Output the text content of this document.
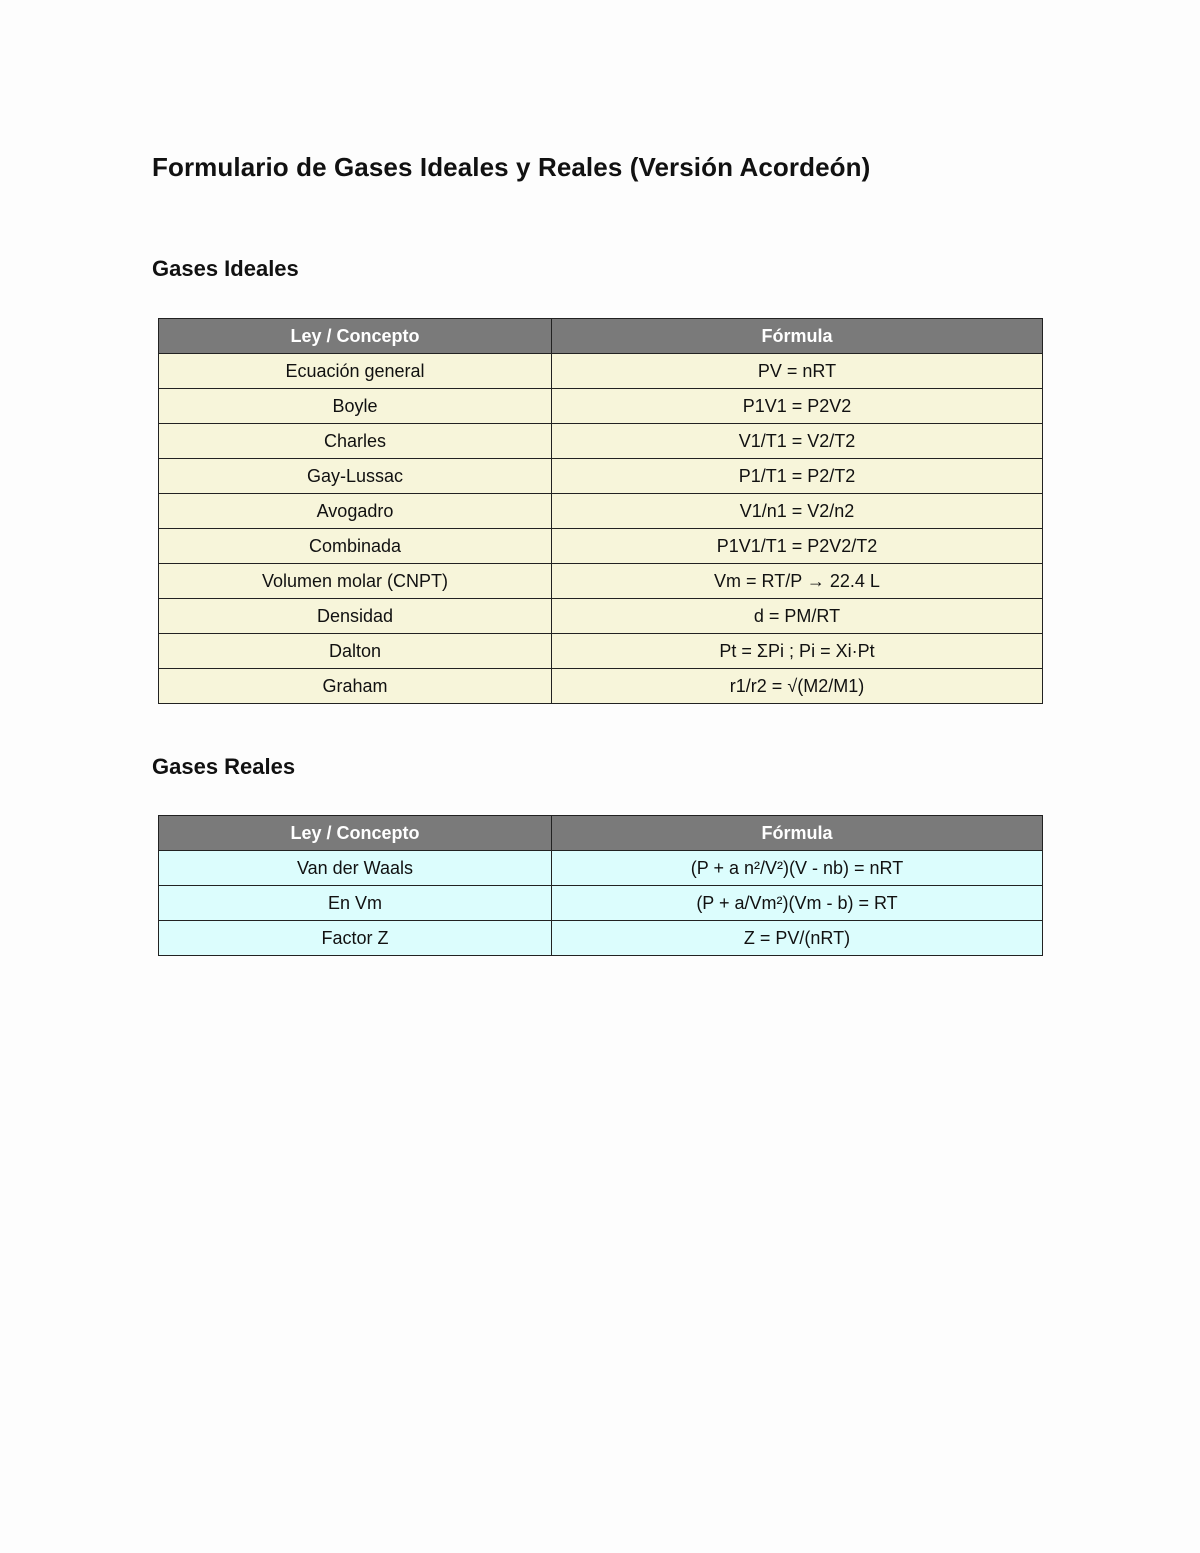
Formulario de Gases Ideales y Reales (Versión Acordeón)
Gases Ideales
Ley / Concepto	Fórmula
Ecuación general	PV = nRT
Boyle	P1V1 = P2V2
Charles	V1/T1 = V2/T2
Gay-Lussac	P1/T1 = P2/T2
Avogadro	V1/n1 = V2/n2
Combinada	P1V1/T1 = P2V2/T2
Volumen molar (CNPT)	Vm = RT/P → 22.4 L
Densidad	d = PM/RT
Dalton	Pt = ΣPi ; Pi = Xi·Pt
Graham	r1/r2 = √(M2/M1)
Gases Reales
Ley / Concepto	Fórmula
Van der Waals	(P + a n²/V²)(V - nb) = nRT
En Vm	(P + a/Vm²)(Vm - b) = RT
Factor Z	Z = PV/(nRT)
